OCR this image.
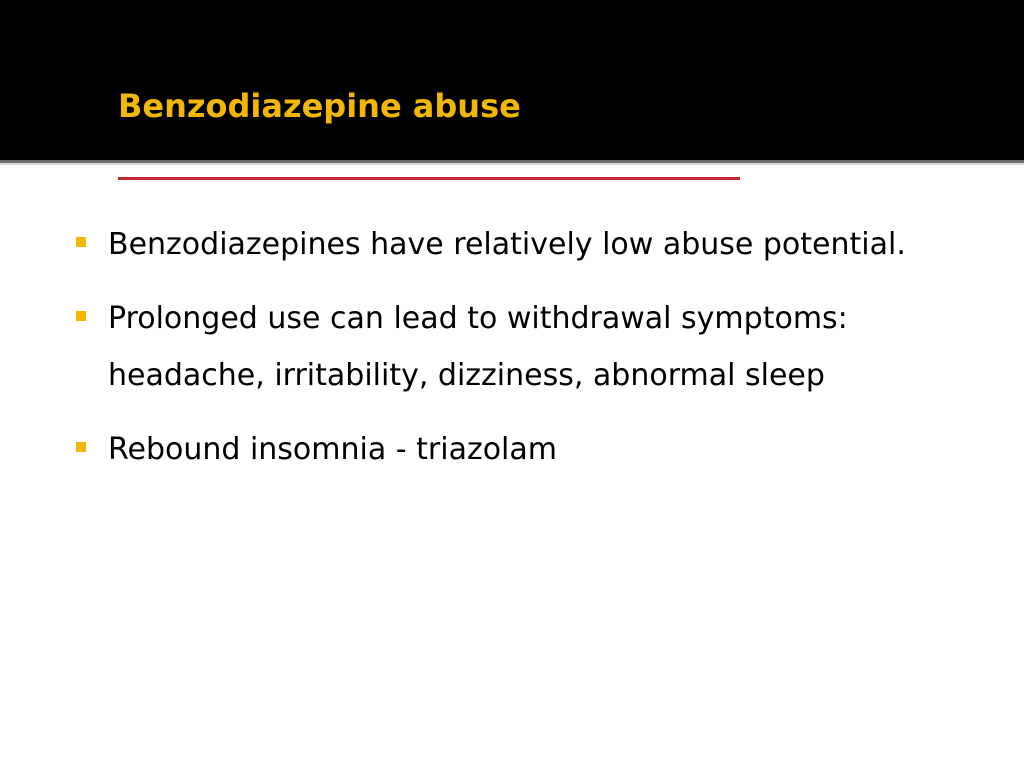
Benzodiazepine abuse
Benzodiazepines have relatively low abuse potential.
Prolonged use can lead to withdrawal symptoms: headache, irritability, dizziness, abnormal sleep
Rebound insomnia - triazolam
